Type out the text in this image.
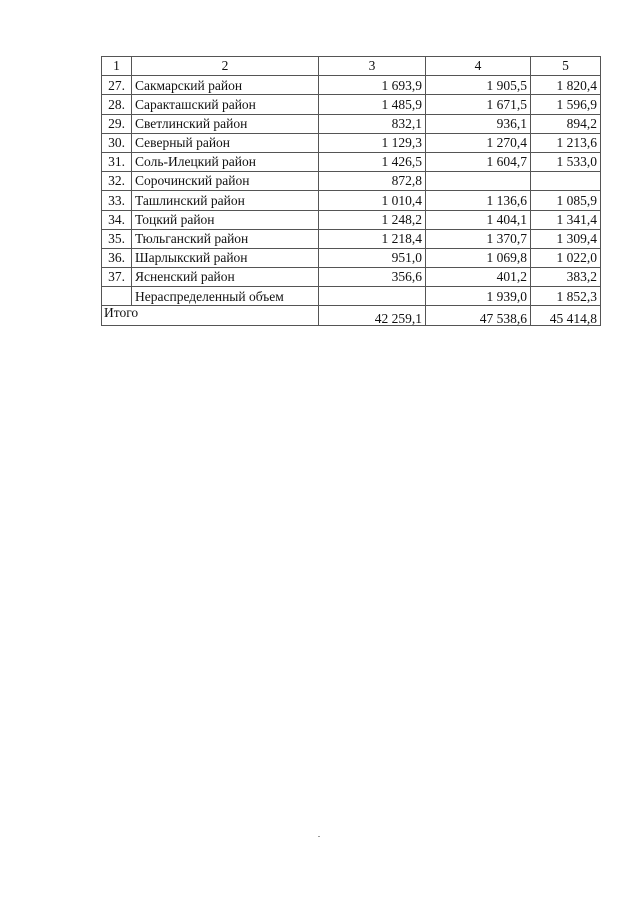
1	2	3	4	5
27.	Сакмарский район	1 693,9	1 905,5	1 820,4
28.	Саракташский район	1 485,9	1 671,5	1 596,9
29.	Светлинский район	832,1	936,1	894,2
30.	Северный район	1 129,3	1 270,4	1 213,6
31.	Соль-Илецкий район	1 426,5	1 604,7	1 533,0
32.	Сорочинский район	872,8		
33.	Ташлинский район	1 010,4	1 136,6	1 085,9
34.	Тоцкий район	1 248,2	1 404,1	1 341,4
35.	Тюльганский район	1 218,4	1 370,7	1 309,4
36.	Шарлыкский район	951,0	1 069,8	1 022,0
37.	Ясненский район	356,6	401,2	383,2
	Нераспределенный объем		1 939,0	1 852,3
Итого		42 259,1	47 538,6	45 414,8
